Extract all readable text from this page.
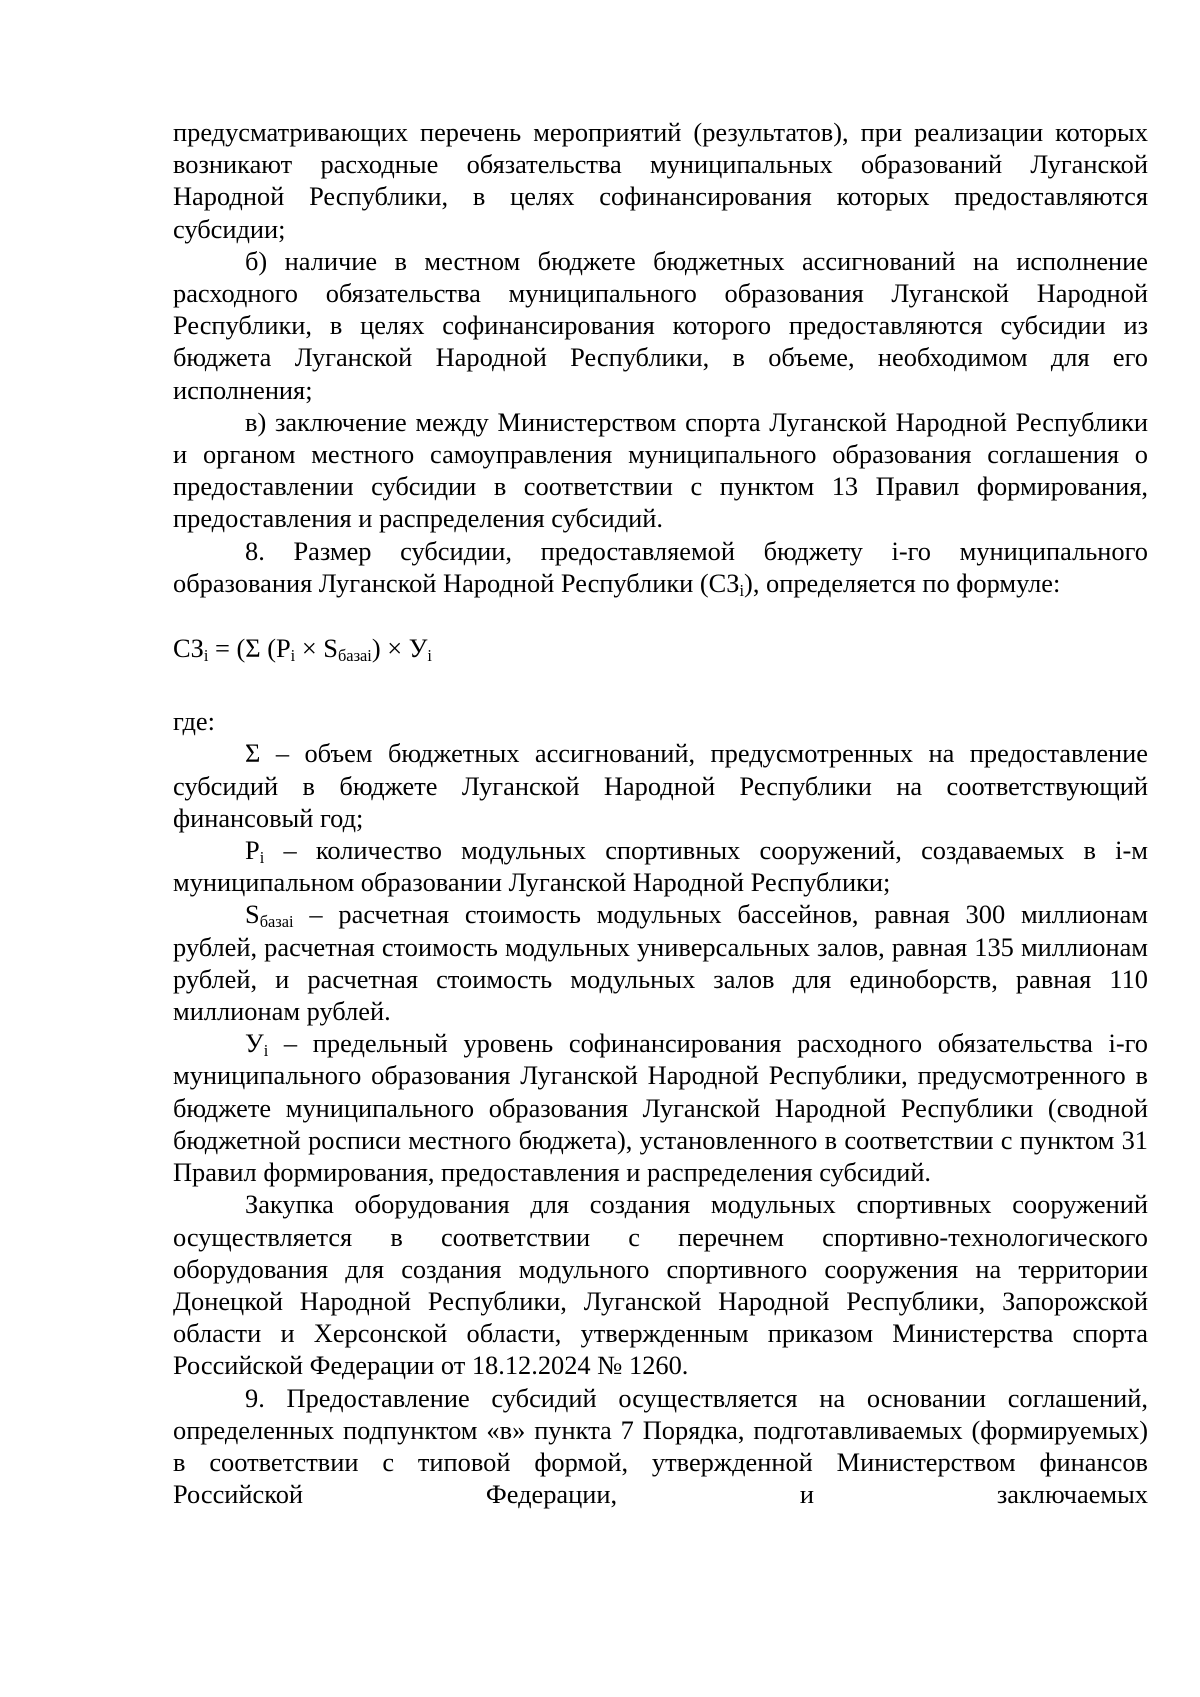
предусматривающих перечень мероприятий (результатов), при реализации которых возникают расходные обязательства муниципальных образований Луганской Народной Республики, в целях софинансирования которых предоставляются субсидии;

б) наличие в местном бюджете бюджетных ассигнований на исполнение расходного обязательства муниципального образования Луганской Народной Республики, в целях софинансирования которого предоставляются субсидии из бюджета Луганской Народной Республики, в объеме, необходимом для его исполнения;

в) заключение между Министерством спорта Луганской Народной Республики и органом местного самоуправления муниципального образования соглашения о предоставлении субсидии в соответствии с пунктом 13 Правил формирования, предоставления и распределения субсидий.

8. Размер субсидии, предоставляемой бюджету i-го муниципального образования Луганской Народной Республики $(СЗ_i)$, определяется по формуле:

$СЗ_i = (\Sigma$ $(Р_i \times S_{базаi}) \times У_i$

где:

Σ – объем бюджетных ассигнований, предусмотренных на предоставление субсидий в бюджете Луганской Народной Республики на соответствующий финансовый год;

$Р_i$ – количество модульных спортивных сооружений, создаваемых в i-м муниципальном образовании Луганской Народной Республики;

$S_{базаi}$ – расчетная стоимость модульных бассейнов, равная 300 миллионам рублей, расчетная стоимость модульных универсальных залов, равная 135 миллионам рублей, и расчетная стоимость модульных залов для единоборств, равная 110 миллионам рублей.

$У_i$ – предельный уровень софинансирования расходного обязательства i-го муниципального образования Луганской Народной Республики, предусмотренного в бюджете муниципального образования Луганской Народной Республики (сводной бюджетной росписи местного бюджета), установленного в соответствии с пунктом 31 Правил формирования, предоставления и распределения субсидий.

Закупка оборудования для создания модульных спортивных сооружений осуществляется в соответствии с перечнем спортивно-технологического оборудования для создания модульного спортивного сооружения на территории Донецкой Народной Республики, Луганской Народной Республики, Запорожской области и Херсонской области, утвержденным приказом Министерства спорта Российской Федерации от 18.12.2024 № 1260.

9. Предоставление субсидий осуществляется на основании соглашений, определенных подпунктом «в» пункта 7 Порядка, подготавливаемых (формируемых) в соответствии с типовой формой, утвержденной Министерством финансов Российской Федерации, и заключаемых
